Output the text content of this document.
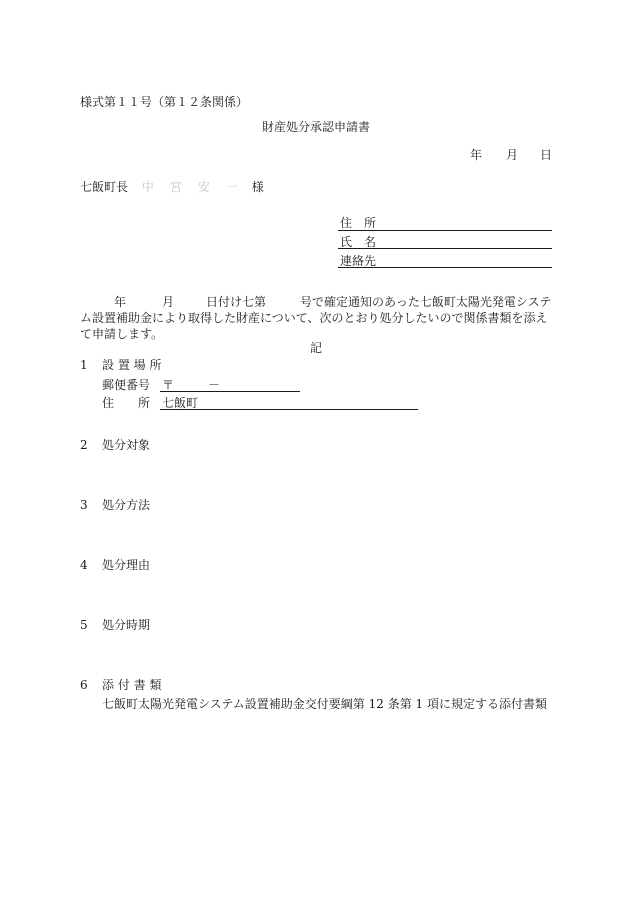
様式第１１号（第１２条関係）
財産処分承認申請書
年 月 日
七飯町長 中　宮　安　一 様
住　所
氏　名
連絡先

年	月	日付け七第	号で確定通知のあった七飯町太陽光発電システム設置補助金により取得した財産について、次のとおり処分したいので関係書類を添えて申請します。

記
1 設 置 場 所
郵便番号 〒	－
住　　所 七飯町
2 処分対象
3 処分方法
4 処分理由
5 処分時期
6 添 付 書 類
七飯町太陽光発電システム設置補助金交付要綱第 12 条第 1 項に規定する添付書類
